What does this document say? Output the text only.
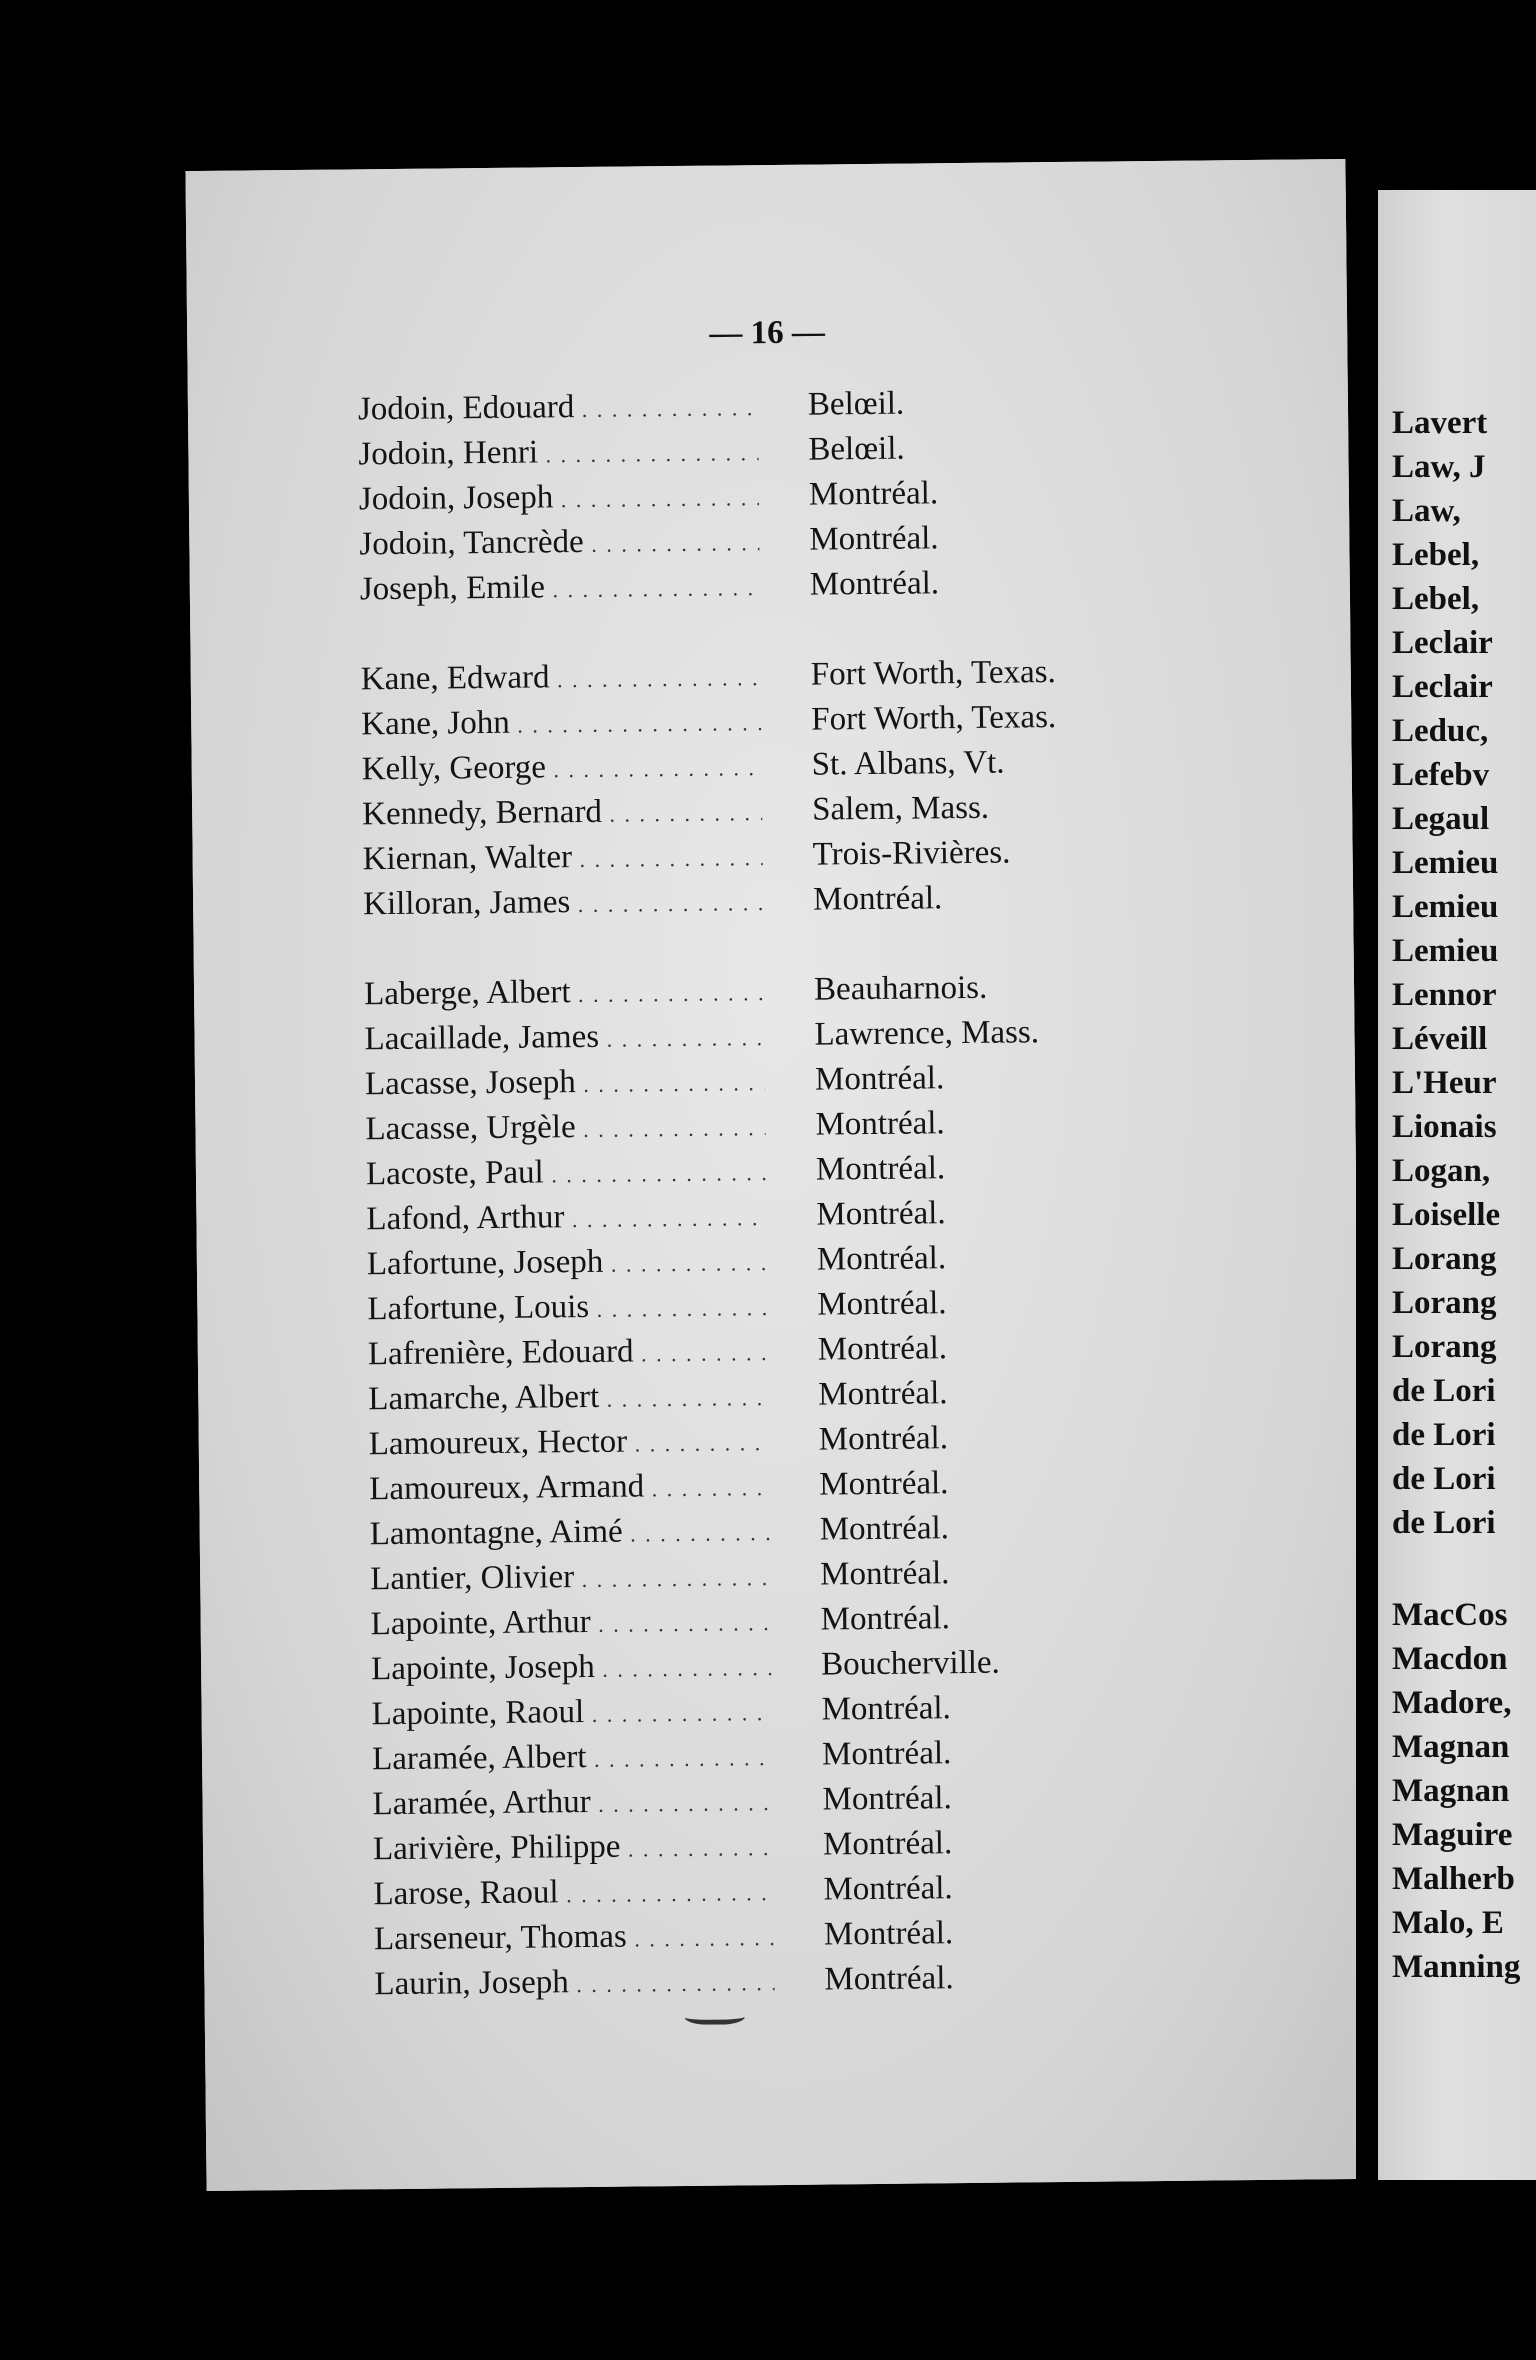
— 16 —
Jodoin, Edouard . . .	Belœil.
Jodoin, Henri . . .	Belœil.
Jodoin, Joseph . . .	Montréal.
Jodoin, Tancrède . . .	Montréal.
Joseph, Emile . . .	Montréal.
Kane, Edward . . .	Fort Worth, Texas.
Kane, John . . .	Fort Worth, Texas.
Kelly, George . . .	St. Albans, Vt.
Kennedy, Bernard . . .	Salem, Mass.
Kiernan, Walter . . .	Trois-Rivières.
Killoran, James . . .	Montréal.
Laberge, Albert . . .	Beauharnois.
Lacaillade, James . . .	Lawrence, Mass.
Lacasse, Joseph . . .	Montréal.
Lacasse, Urgèle . . .	Montréal.
Lacoste, Paul . . .	Montréal.
Lafond, Arthur . . .	Montréal.
Lafortune, Joseph . . .	Montréal.
Lafortune, Louis . . .	Montréal.
Lafrenière, Edouard . . .	Montréal.
Lamarche, Albert . . .	Montréal.
Lamoureux, Hector . . .	Montréal.
Lamoureux, Armand . . .	Montréal.
Lamontagne, Aimé . . .	Montréal.
Lantier, Olivier . . .	Montréal.
Lapointe, Arthur . . .	Montréal.
Lapointe, Joseph . . .	Boucherville.
Lapointe, Raoul . . .	Montréal.
Laramée, Albert . . .	Montréal.
Laramée, Arthur . . .	Montréal.
Larivière, Philippe . . .	Montréal.
Larose, Raoul . . .	Montréal.
Larseneur, Thomas . . .	Montréal.
Laurin, Joseph . . .	Montréal.
Lavert
Law, J
Law,
Lebel,
Lebel,
Leclair
Leclair
Leduc,
Lefebv
Legaul
Lemieu
Lemieu
Lemieu
Lennor
Léveill
L'Heur
Lionais
Logan,
Loiselle
Lorang
Lorang
Lorang
de Lori
de Lori
de Lori
de Lori
MacCos
Macdon
Madore,
Magnan
Magnan
Maguire
Malherb
Malo, E
Manning
